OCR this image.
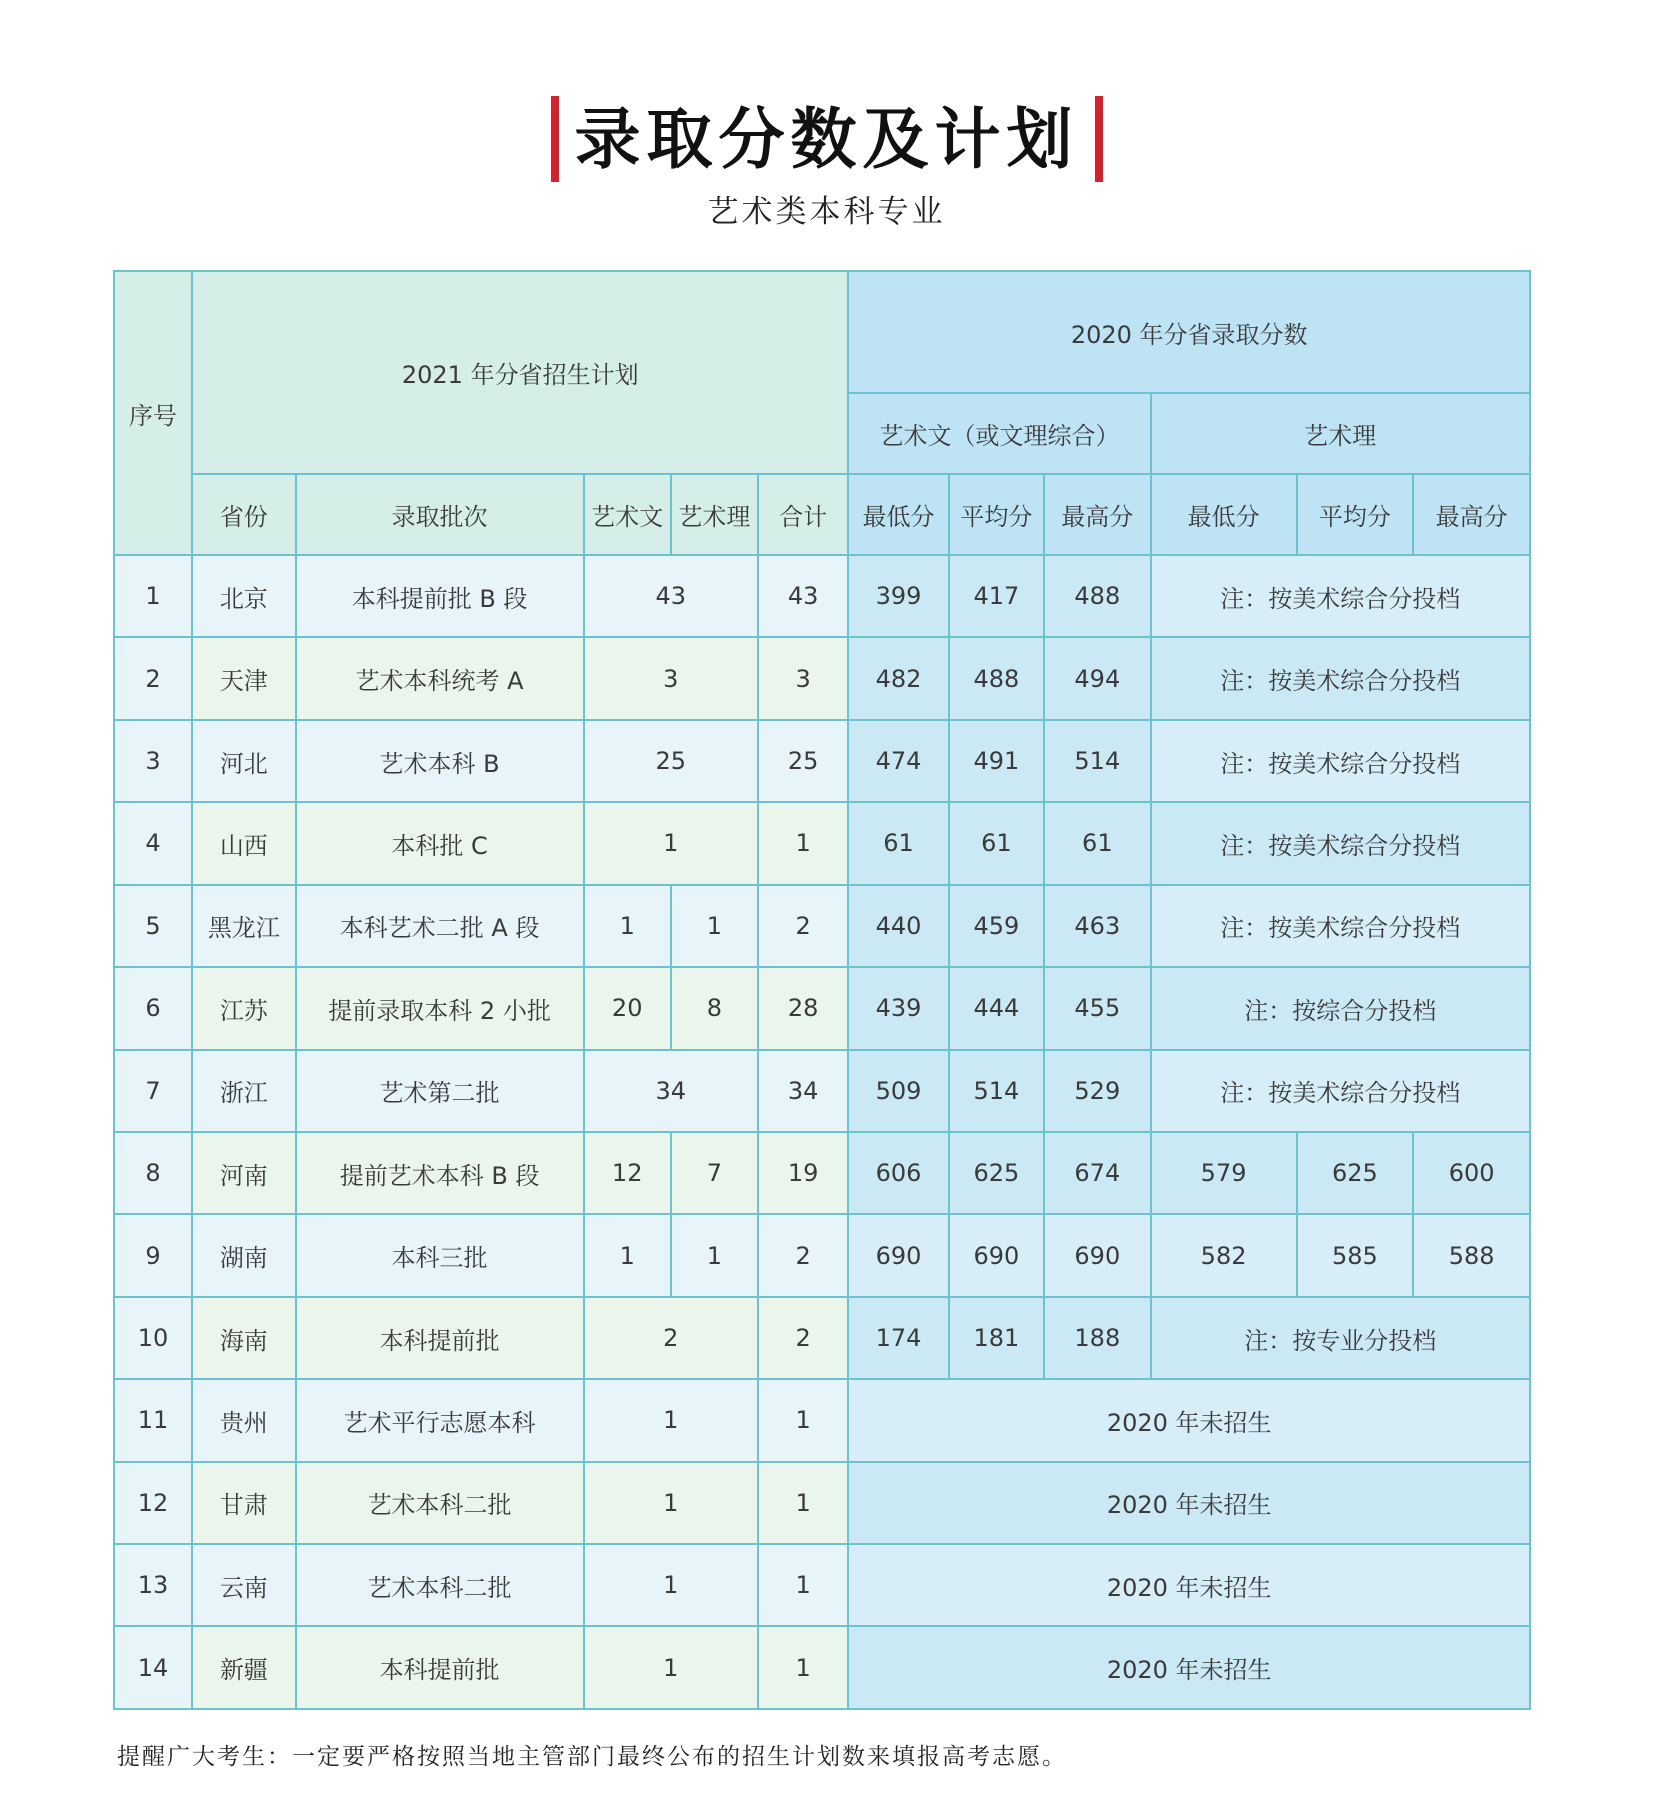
录取分数及计划
艺术类本科专业
序号	2021 年分省招生计划					2020 年分省录取分数					
						艺术文（或文理综合）			艺术理		
	省份	录取批次	艺术文	艺术理	合计	最低分	平均分	最高分	最低分	平均分	最高分
1	北京	本科提前批 B 段	43		43	399	417	488	注：按美术综合分投档		
2	天津	艺术本科统考 A	3		3	482	488	494	注：按美术综合分投档		
3	河北	艺术本科 B	25		25	474	491	514	注：按美术综合分投档		
4	山西	本科批 C	1		1	61	61	61	注：按美术综合分投档		
5	黑龙江	本科艺术二批 A 段	1	1	2	440	459	463	注：按美术综合分投档		
6	江苏	提前录取本科 2 小批	20	8	28	439	444	455	注：按综合分投档		
7	浙江	艺术第二批	34		34	509	514	529	注：按美术综合分投档		
8	河南	提前艺术本科 B 段	12	7	19	606	625	674	579	625	600
9	湖南	本科三批	1	1	2	690	690	690	582	585	588
10	海南	本科提前批	2		2	174	181	188	注：按专业分投档		
11	贵州	艺术平行志愿本科	1		1	2020 年未招生					
12	甘肃	艺术本科二批	1		1	2020 年未招生					
13	云南	艺术本科二批	1		1	2020 年未招生					
14	新疆	本科提前批	1		1	2020 年未招生					
提醒广大考生：一定要严格按照当地主管部门最终公布的招生计划数来填报高考志愿。
